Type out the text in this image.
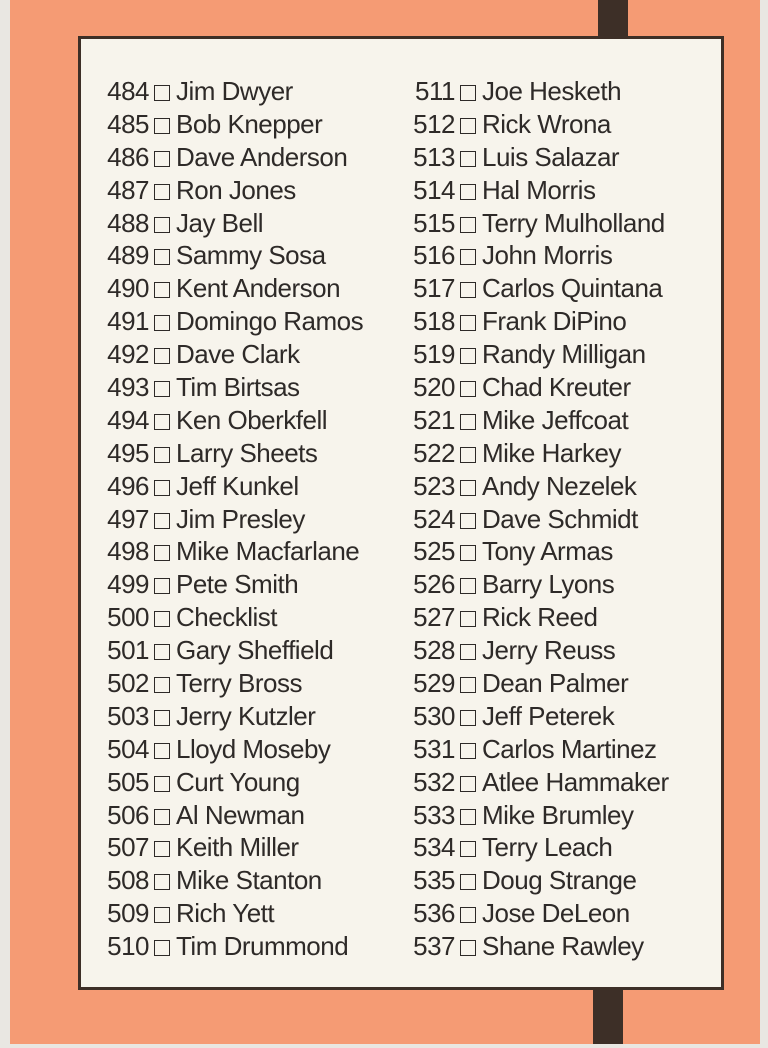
484 Jim Dwyer
485 Bob Knepper
486 Dave Anderson
487 Ron Jones
488 Jay Bell
489 Sammy Sosa
490 Kent Anderson
491 Domingo Ramos
492 Dave Clark
493 Tim Birtsas
494 Ken Oberkfell
495 Larry Sheets
496 Jeff Kunkel
497 Jim Presley
498 Mike Macfarlane
499 Pete Smith
500 Checklist
501 Gary Sheffield
502 Terry Bross
503 Jerry Kutzler
504 Lloyd Moseby
505 Curt Young
506 Al Newman
507 Keith Miller
508 Mike Stanton
509 Rich Yett
510 Tim Drummond
511 Joe Hesketh
512 Rick Wrona
513 Luis Salazar
514 Hal Morris
515 Terry Mulholland
516 John Morris
517 Carlos Quintana
518 Frank DiPino
519 Randy Milligan
520 Chad Kreuter
521 Mike Jeffcoat
522 Mike Harkey
523 Andy Nezelek
524 Dave Schmidt
525 Tony Armas
526 Barry Lyons
527 Rick Reed
528 Jerry Reuss
529 Dean Palmer
530 Jeff Peterek
531 Carlos Martinez
532 Atlee Hammaker
533 Mike Brumley
534 Terry Leach
535 Doug Strange
536 Jose DeLeon
537 Shane Rawley
